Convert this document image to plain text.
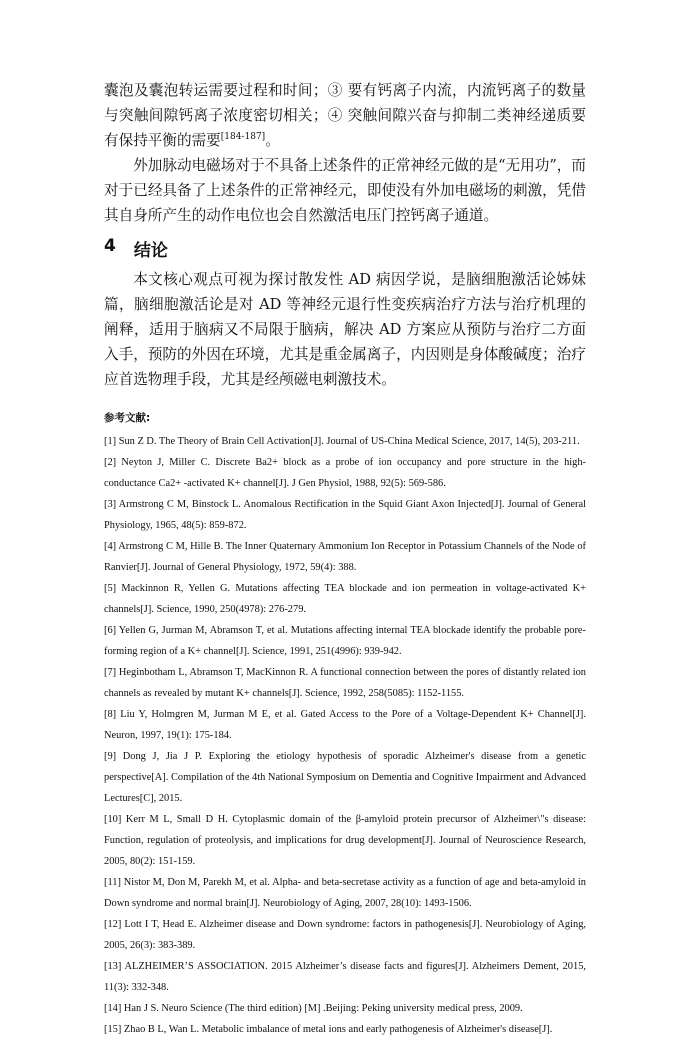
囊泡及囊泡转运需要过程和时间；③ 要有钙离子内流，内流钙离子的数量与突触间隙钙离子浓度密切相关；④ 突触间隙兴奋与抑制二类神经递质要有保持平衡的需要[184-187]。

外加脉动电磁场对于不具备上述条件的正常神经元做的是“无用功”，而对于已经具备了上述条件的正常神经元，即使没有外加电磁场的刺激，凭借其自身所产生的动作电位也会自然激活电压门控钙离子通道。

4 结论

本文核心观点可视为探讨散发性 AD 病因学说，是脑细胞激活论姊妹篇，脑细胞激活论是对 AD 等神经元退行性变疾病治疗方法与治疗机理的阐释，适用于脑病又不局限于脑病，解决 AD 方案应从预防与治疗二方面入手，预防的外因在环境，尤其是重金属离子，内因则是身体酸碱度；治疗应首选物理手段，尤其是经颅磁电刺激技术。

参考文献:
[1] Sun Z D. The Theory of Brain Cell Activation[J]. Journal of US-China Medical Science, 2017, 14(5), 203-211.
[2] Neyton J, Miller C. Discrete Ba2+ block as a probe of ion occupancy and pore structure in the high-conductance Ca2+ -activated K+ channel[J]. J Gen Physiol, 1988, 92(5): 569-586.
[3] Armstrong C M, Binstock L. Anomalous Rectification in the Squid Giant Axon Injected[J]. Journal of General Physiology, 1965, 48(5): 859-872.
[4] Armstrong C M, Hille B. The Inner Quaternary Ammonium Ion Receptor in Potassium Channels of the Node of Ranvier[J]. Journal of General Physiology, 1972, 59(4): 388.
[5] Mackinnon R, Yellen G. Mutations affecting TEA blockade and ion permeation in voltage-activated K+ channels[J]. Science, 1990, 250(4978): 276-279.
[6] Yellen G, Jurman M, Abramson T, et al. Mutations affecting internal TEA blockade identify the probable pore-forming region of a K+ channel[J]. Science, 1991, 251(4996): 939-942.
[7] Heginbotham L, Abramson T, MacKinnon R. A functional connection between the pores of distantly related ion channels as revealed by mutant K+ channels[J]. Science, 1992, 258(5085): 1152-1155.
[8] Liu Y, Holmgren M, Jurman M E, et al. Gated Access to the Pore of a Voltage-Dependent K+ Channel[J]. Neuron, 1997, 19(1): 175-184.
[9] Dong J, Jia J P. Exploring the etiology hypothesis of sporadic Alzheimer's disease from a genetic perspective[A]. Compilation of the 4th National Symposium on Dementia and Cognitive Impairment and Advanced Lectures[C], 2015.
[10] Kerr M L, Small D H. Cytoplasmic domain of the β-amyloid protein precursor of Alzheimer\"s disease: Function, regulation of proteolysis, and implications for drug development[J]. Journal of Neuroscience Research, 2005, 80(2): 151-159.
[11] Nistor M, Don M, Parekh M, et al. Alpha- and beta-secretase activity as a function of age and beta-amyloid in Down syndrome and normal brain[J]. Neurobiology of Aging, 2007, 28(10): 1493-1506.
[12] Lott I T, Head E. Alzheimer disease and Down syndrome: factors in pathogenesis[J]. Neurobiology of Aging, 2005, 26(3): 383-389.
[13] ALZHEIMER’S ASSOCIATION. 2015 Alzheimer’s disease facts and figures[J]. Alzheimers Dement, 2015, 11(3): 332-348.
[14] Han J S. Neuro Science (The third edition) [M] .Beijing: Peking university medical press, 2009.
[15] Zhao B L, Wan L. Metabolic imbalance of metal ions and early pathogenesis of Alzheimer's disease[J].
